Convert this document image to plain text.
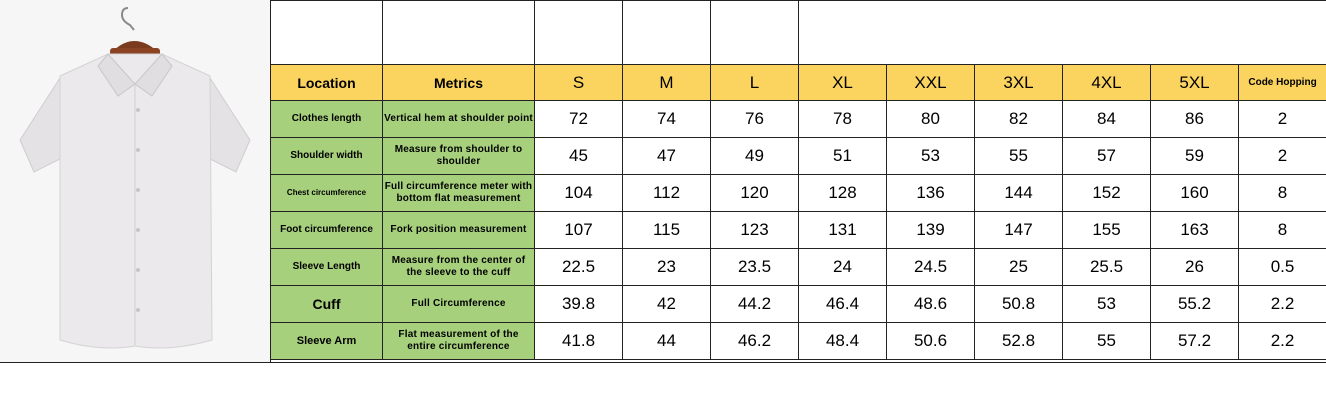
Location	Metrics	S	M	L	XL	XXL	3XL	4XL	5XL	Code Hopping
Clothes length	Vertical hem at shoulder point	72	74	76	78	80	82	84	86	2
Shoulder width	Measure from shoulder to shoulder	45	47	49	51	53	55	57	59	2
Chest circumference	Full circumference meter with bottom flat measurement	104	112	120	128	136	144	152	160	8
Foot circumference	Fork position measurement	107	115	123	131	139	147	155	163	8
Sleeve Length	Measure from the center of the sleeve to the cuff	22.5	23	23.5	24	24.5	25	25.5	26	0.5
Cuff	Full Circumference	39.8	42	44.2	46.4	48.6	50.8	53	55.2	2.2
Sleeve Arm	Flat measurement of the entire circumference	41.8	44	46.2	48.4	50.6	52.8	55	57.2	2.2
